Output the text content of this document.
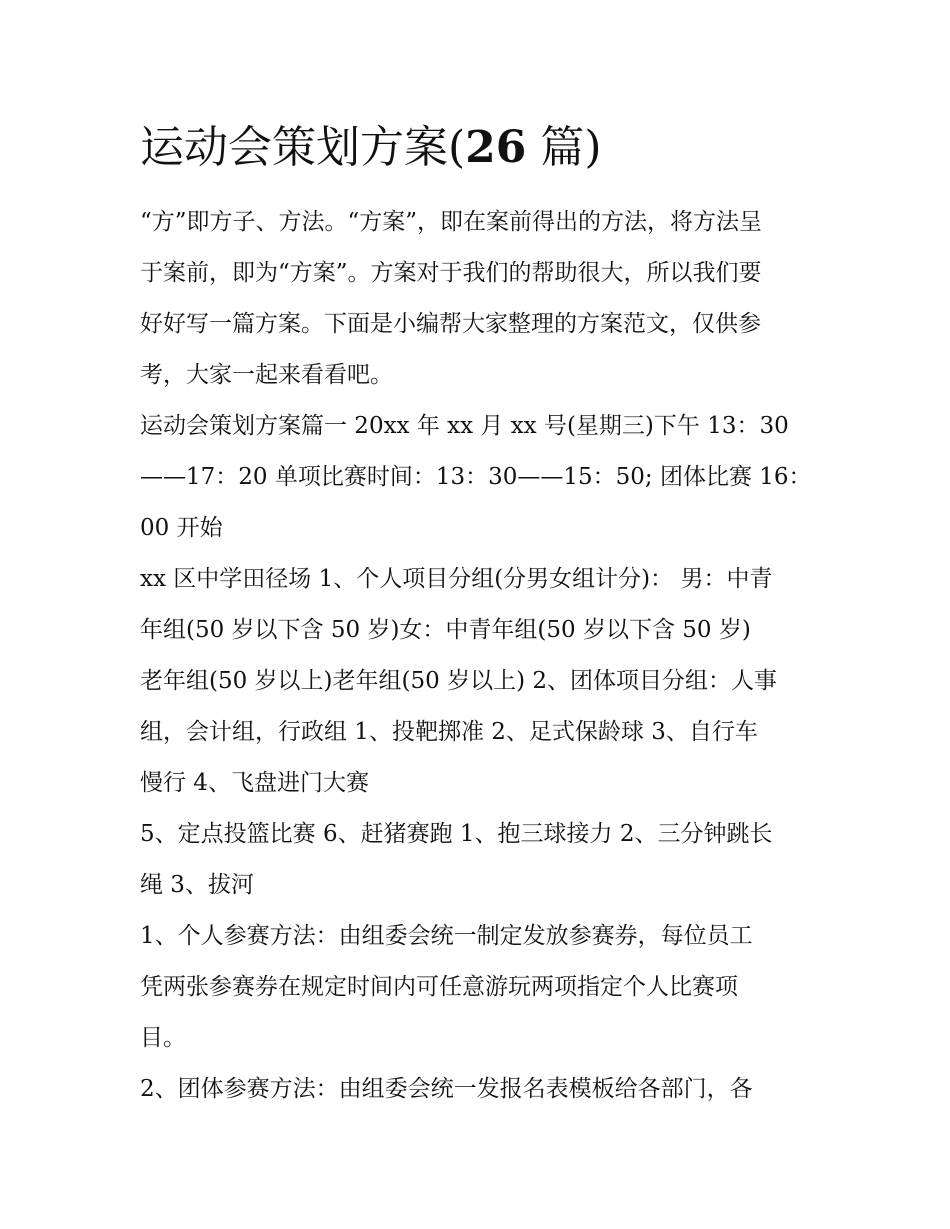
运动会策划方案(26 篇)
“方”即方子、方法。“方案”，即在案前得出的方法，将方法呈
于案前，即为“方案”。方案对于我们的帮助很大，所以我们要
好好写一篇方案。下面是小编帮大家整理的方案范文，仅供参
考，大家一起来看看吧。
运动会策划方案篇一 20xx 年 xx 月 xx 号(星期三)下午 13：30
——17：20 单项比赛时间：13：30——15：50; 团体比赛 16：
00 开始
xx 区中学田径场 1、个人项目分组(分男女组计分)： 男：中青
年组(50 岁以下含 50 岁)女：中青年组(50 岁以下含 50 岁)
老年组(50 岁以上)老年组(50 岁以上) 2、团体项目分组：人事
组，会计组，行政组 1、投靶掷准 2、足式保龄球 3、自行车
慢行 4、飞盘进门大赛
5、定点投篮比赛 6、赶猪赛跑 1、抱三球接力 2、三分钟跳长
绳 3、拔河
1、个人参赛方法：由组委会统一制定发放参赛券，每位员工
凭两张参赛券在规定时间内可任意游玩两项指定个人比赛项
目。
2、团体参赛方法：由组委会统一发报名表模板给各部门，各
